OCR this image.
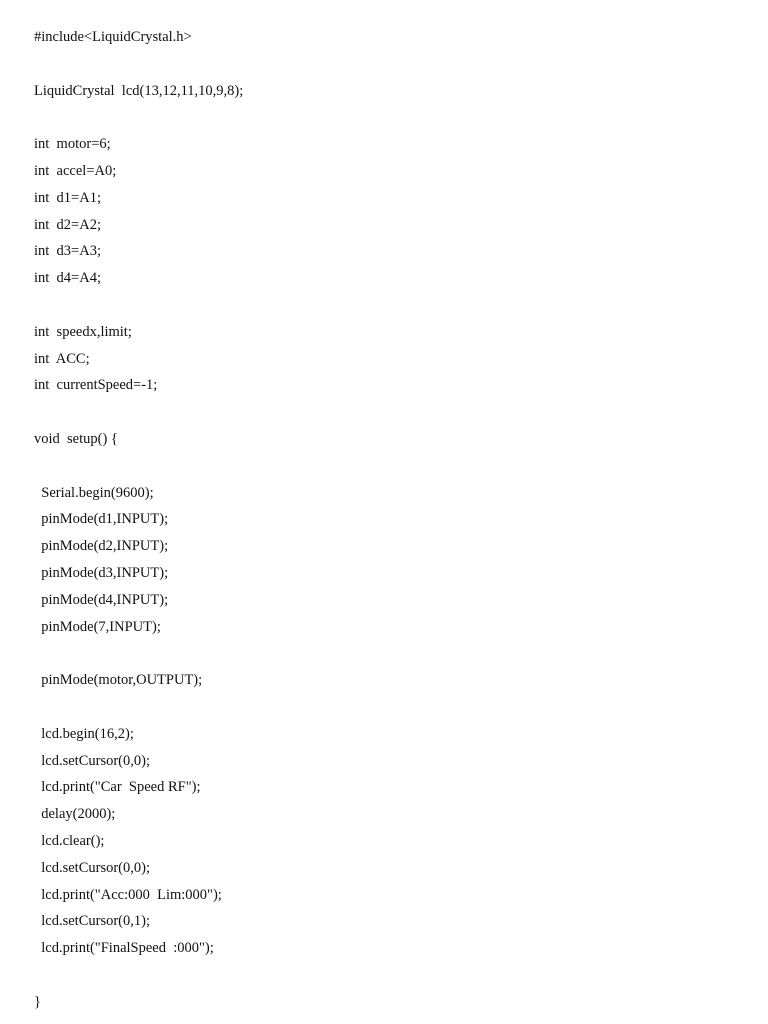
#include<LiquidCrystal.h>
LiquidCrystal  lcd(13,12,11,10,9,8);
int  motor=6;
int  accel=A0;
int  d1=A1;
int  d2=A2;
int  d3=A3;
int  d4=A4;
int  speedx,limit;
int  ACC;
int  currentSpeed=-1;
void  setup() {
Serial.begin(9600);
pinMode(d1,INPUT);
pinMode(d2,INPUT);
pinMode(d3,INPUT);
pinMode(d4,INPUT);
pinMode(7,INPUT);
pinMode(motor,OUTPUT);
lcd.begin(16,2);
lcd.setCursor(0,0);
lcd.print("Car  Speed RF");
delay(2000);
lcd.clear();
lcd.setCursor(0,0);
lcd.print("Acc:000  Lim:000");
lcd.setCursor(0,1);
lcd.print("FinalSpeed  :000");
}
